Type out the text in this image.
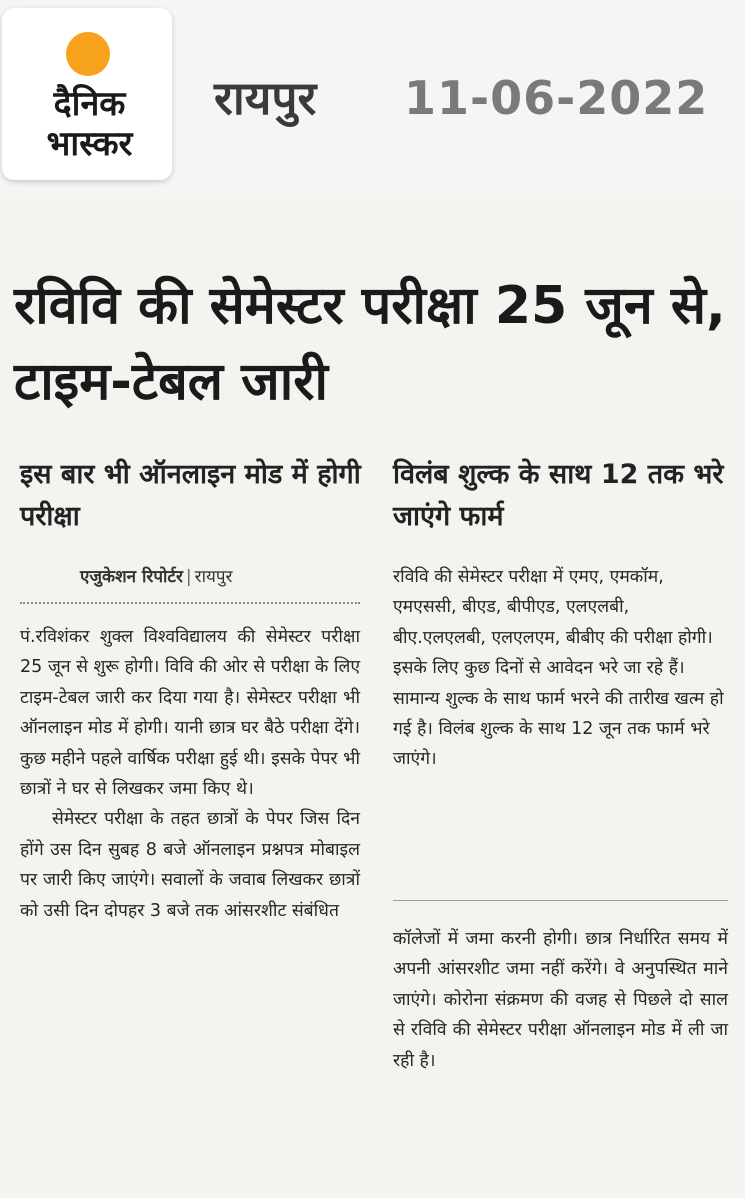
दैनिक
भास्कर
रायपुर 11-06-2022
रविवि की सेमेस्टर परीक्षा 25 जून से, टाइम-टेबल जारी
इस बार भी ऑनलाइन मोड में होगी परीक्षा
विलंब शुल्क के साथ 12 तक भरे जाएंगे फार्म
एजुकेशन रिपोर्टर | रायपुर

पं.रविशंकर शुक्ल विश्वविद्यालय की सेमेस्टर परीक्षा 25 जून से शुरू होगी। विवि की ओर से परीक्षा के लिए टाइम-टेबल जारी कर दिया गया है। सेमेस्टर परीक्षा भी ऑनलाइन मोड में होगी। यानी छात्र घर बैठे परीक्षा देंगे। कुछ महीने पहले वार्षिक परीक्षा हुई थी। इसके पेपर भी छात्रों ने घर से लिखकर जमा किए थे।

सेमेस्टर परीक्षा के तहत छात्रों के पेपर जिस दिन होंगे उस दिन सुबह 8 बजे ऑनलाइन प्रश्नपत्र मोबाइल पर जारी किए जाएंगे। सवालों के जवाब लिखकर छात्रों को उसी दिन दोपहर 3 बजे तक आंसरशीट संबंधित

रविवि की सेमेस्टर परीक्षा में एमए, एमकॉम, एमएससी, बीएड, बीपीएड, एलएलबी, बीए.एलएलबी, एलएलएम, बीबीए की परीक्षा होगी। इसके लिए कुछ दिनों से आवेदन भरे जा रहे हैं। सामान्य शुल्क के साथ फार्म भरने की तारीख खत्म हो गई है। विलंब शुल्क के साथ 12 जून तक फार्म भरे जाएंगे।

कॉलेजों में जमा करनी होगी। छात्र निर्धारित समय में अपनी आंसरशीट जमा नहीं करेंगे। वे अनुपस्थित माने जाएंगे। कोरोना संक्रमण की वजह से पिछले दो साल से रविवि की सेमेस्टर परीक्षा ऑनलाइन मोड में ली जा रही है।
